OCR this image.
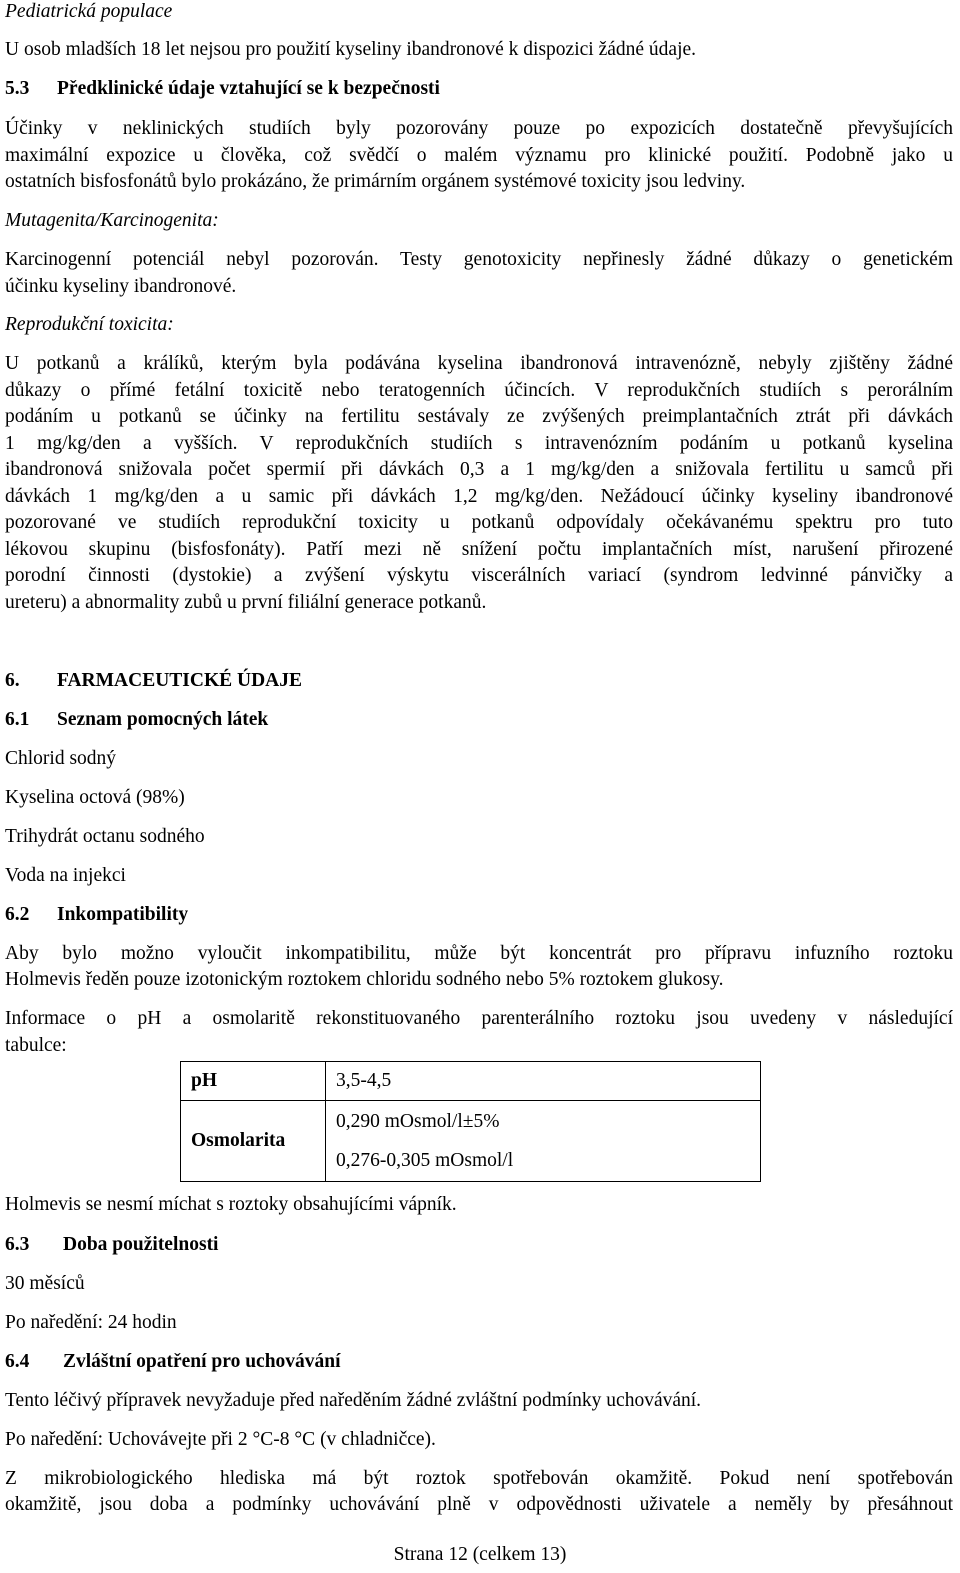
Pediatrická populace
U osob mladších 18 let nejsou pro použití kyseliny ibandronové k dispozici žádné údaje.
5.3 Předklinické údaje vztahující se k bezpečnosti
Účinky v neklinických studiích byly pozorovány pouze po expozicích dostatečně převyšujících
maximální expozice u člověka, což svědčí o malém významu pro klinické použití. Podobně jako u
ostatních bisfosfonátů bylo prokázáno, že primárním orgánem systémové toxicity jsou ledviny.
Mutagenita/Karcinogenita:
Karcinogenní potenciál nebyl pozorován. Testy genotoxicity nepřinesly žádné důkazy o genetickém
účinku kyseliny ibandronové.
Reprodukční toxicita:
U potkanů a králíků, kterým byla podávána kyselina ibandronová intravenózně, nebyly zjištěny žádné
důkazy o přímé fetální toxicitě nebo teratogenních účincích. V reprodukčních studiích s perorálním
podáním u potkanů se účinky na fertilitu sestávaly ze zvýšených preimplantačních ztrát při dávkách
1 mg/kg/den a vyšších. V reprodukčních studiích s intravenózním podáním u potkanů kyselina
ibandronová snižovala počet spermií při dávkách 0,3 a 1 mg/kg/den a snižovala fertilitu u samců při
dávkách 1 mg/kg/den a u samic při dávkách 1,2 mg/kg/den. Nežádoucí účinky kyseliny ibandronové
pozorované ve studiích reprodukční toxicity u potkanů odpovídaly očekávanému spektru pro tuto
lékovou skupinu (bisfosfonáty). Patří mezi ně snížení počtu implantačních míst, narušení přirozené
porodní činnosti (dystokie) a zvýšení výskytu viscerálních variací (syndrom ledvinné pánvičky a
ureteru) a abnormality zubů u první filiální generace potkanů.
6. FARMACEUTICKÉ ÚDAJE
6.1 Seznam pomocných látek
Chlorid sodný
Kyselina octová (98%)
Trihydrát octanu sodného
Voda na injekci
6.2 Inkompatibility
Aby bylo možno vyloučit inkompatibilitu, může být koncentrát pro přípravu infuzního roztoku
Holmevis ředěn pouze izotonickým roztokem chloridu sodného nebo 5% roztokem glukosy.
Informace o pH a osmolaritě rekonstituovaného parenterálního roztoku jsou uvedeny v následující
tabulce:
Holmevis se nesmí míchat s roztoky obsahujícími vápník.
6.3 Doba použitelnosti
30 měsíců
Po naředění: 24 hodin
6.4 Zvláštní opatření pro uchovávání
Tento léčivý přípravek nevyžaduje před naředěním žádné zvláštní podmínky uchovávání.
Po naředění: Uchovávejte při 2 °C-8 °C (v chladničce).
Z mikrobiologického hlediska má být roztok spotřebován okamžitě. Pokud není spotřebován
okamžitě, jsou doba a podmínky uchovávání plně v odpovědnosti uživatele a neměly by přesáhnout
pH	3,5-4,5
Osmolarita	0,290 mOsmol/l±5%
0,276-0,305 mOsmol/l
Strana 12 (celkem 13)
